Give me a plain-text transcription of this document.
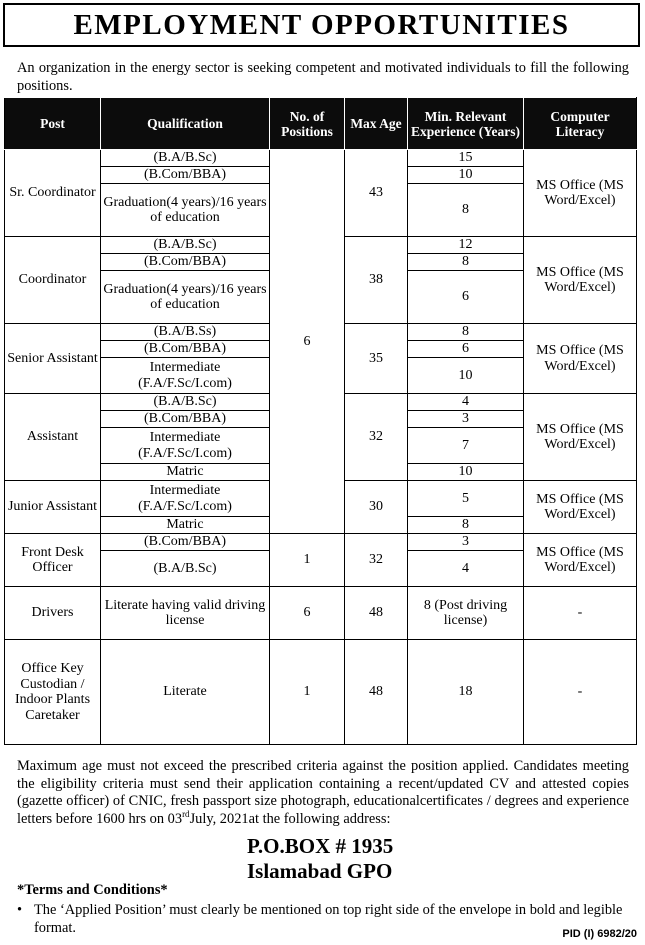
EMPLOYMENT OPPORTUNITIES
An organization in the energy sector is seeking competent and motivated individuals to fill the following positions.
Post	Qualification	No. of Positions	Max Age	Min. Relevant Experience (Years)	Computer Literacy
Sr. Coordinator	(B.A/B.Sc)	6	43	15	MS Office (MS Word/Excel)
	(B.Com/BBA)			10	
	Graduation(4 years)/16 years of education			8	
Coordinator	(B.A/B.Sc)		38	12	MS Office (MS Word/Excel)
	(B.Com/BBA)			8	
	Graduation(4 years)/16 years of education			6	
Senior Assistant	(B.A/B.Ss)		35	8	MS Office (MS Word/Excel)
	(B.Com/BBA)			6	
	Intermediate (F.A/F.Sc/I.com)			10	
Assistant	(B.A/B.Sc)		32	4	MS Office (MS Word/Excel)
	(B.Com/BBA)			3	
	Intermediate (F.A/F.Sc/I.com)			7	
	Matric			10	
Junior Assistant	Intermediate (F.A/F.Sc/I.com)		30	5	MS Office (MS Word/Excel)
	Matric			8	
Front Desk Officer	(B.Com/BBA)	1	32	3	MS Office (MS Word/Excel)
	(B.A/B.Sc)			4	
Drivers	Literate having valid driving license	6	48	8 (Post driving license)	-
Office Key Custodian / Indoor Plants Caretaker	Literate	1	48	18	-
Maximum age must not exceed the prescribed criteria against the position applied. Candidates meeting the eligibility criteria must send their application containing a recent/updated CV and attested copies (gazette officer) of CNIC, fresh passport size photograph, educationalcertificates / degrees and experience letters before 1600 hrs on 03rdJuly, 2021at the following address:
P.O.BOX # 1935
Islamabad GPO
*Terms and Conditions*
• The ‘Applied Position’ must clearly be mentioned on top right side of the envelope in bold and legible format.	PID (I) 6982/20
